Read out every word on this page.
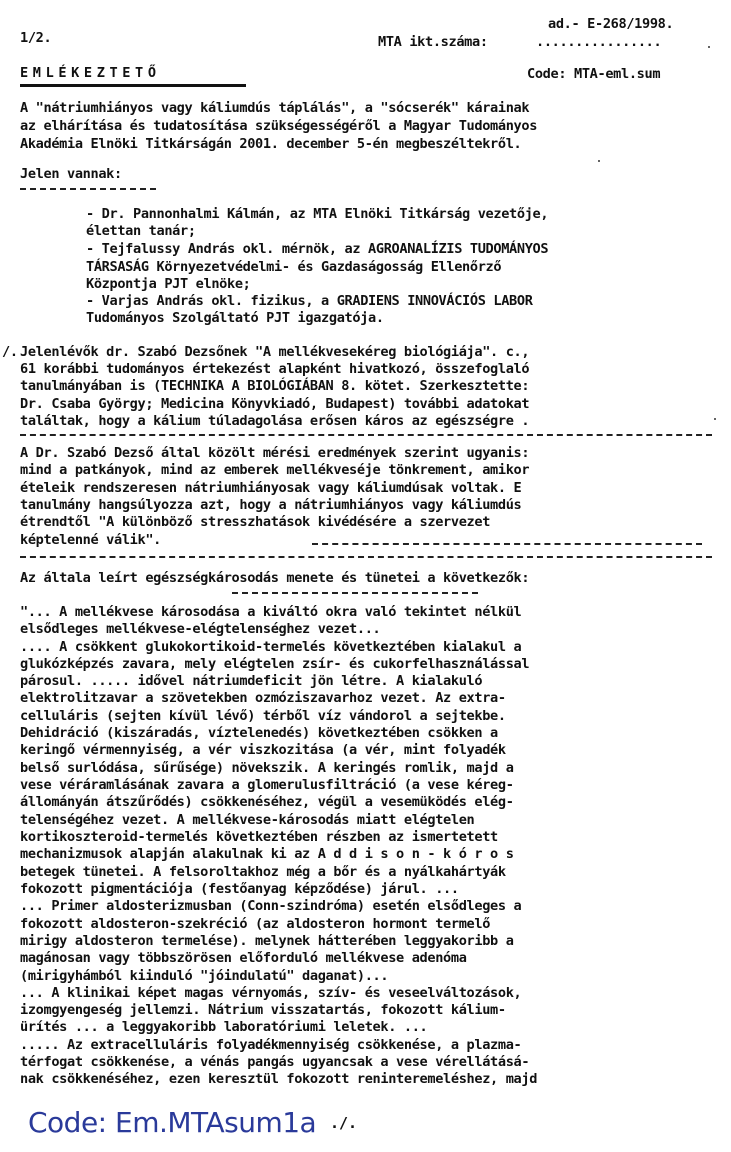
1/2.
ad.- E-268/1998.
MTA ikt.száma:	................
EMLÉKEZTETŐ	Code: MTA-eml.sum
A "nátriumhiányos vagy káliumdús táplálás", a "sócserék" kárainak
az elhárítása és tudatosítása szükségességéről a Magyar Tudományos
Akadémia Elnöki Titkárságán 2001. december 5-én megbeszéltekről.
Jelen vannak:
- Dr. Pannonhalmi Kálmán, az MTA Elnöki Titkárság vezetője,
élettan tanár;
- Tejfalussy András okl. mérnök, az AGROANALÍZIS TUDOMÁNYOS
TÁRSASÁG Környezetvédelmi- és Gazdaságosság Ellenőrző
Központja PJT elnöke;
- Varjas András okl. fizikus, a GRADIENS INNOVÁCIÓS LABOR
Tudományos Szolgáltató PJT igazgatója.
/. Jelenlévők dr. Szabó Dezsőnek "A mellékvesekéreg biológiája". c.,
61 korábbi tudományos értekezést alapként hivatkozó, összefoglaló
tanulmányában is (TECHNIKA A BIOLÓGIÁBAN 8. kötet. Szerkesztette:
Dr. Csaba György; Medicina Könyvkiadó, Budapest) további adatokat
találtak, hogy a kálium túladagolása erősen káros az egészségre .
A Dr. Szabó Dezső által közölt mérési eredmények szerint ugyanis:
mind a patkányok, mind az emberek mellékveséje tönkrement, amikor
ételeik rendszeresen nátriumhiányosak vagy káliumdúsak voltak. E
tanulmány hangsúlyozza azt, hogy a nátriumhiányos vagy káliumdús
étrendtől "A különböző stresszhatások kivédésére a szervezet
képtelenné válik".
Az általa leírt egészségkárosodás menete és tünetei a következők:
"... A mellékvese károsodása a kiváltó okra való tekintet nélkül
elsődleges mellékvese-elégtelenséghez vezet...
.... A csökkent glukokortikoid-termelés következtében kialakul a
glukózképzés zavara, mely elégtelen zsír- és cukorfelhasználással
párosul. ..... idővel nátriumdeficit jön létre. A kialakuló
elektrolitzavar a szövetekben ozmóziszavarhoz vezet. Az extra-
celluláris (sejten kívül lévő) térből víz vándorol a sejtekbe.
Dehidráció (kiszáradás, víztelenedés) következtében csökken a
keringő vérmennyiség, a vér viszkozitása (a vér, mint folyadék
belső surlódása, sűrűsége) növekszik. A keringés romlik, majd a
vese véráramlásának zavara a glomerulusfiltráció (a vese kéreg-
állományán átszűrődés) csökkenéséhez, végül a vesemüködés elég-
telenségéhez vezet. A mellékvese-károsodás miatt elégtelen
kortikoszteroid-termelés következtében részben az ismertetett
mechanizmusok alapján alakulnak ki az A d d i s o n - k ó r o s
betegek tünetei. A felsoroltakhoz még a bőr és a nyálkahártyák
fokozott pigmentációja (festőanyag képződése) járul. ...
... Primer aldosterizmusban (Conn-szindróma) esetén elsődleges a
fokozott aldosteron-szekréció (az aldosteron hormont termelő
mirigy aldosteron termelése). melynek hátterében leggyakoribb a
magánosan vagy többszörösen előforduló mellékvese adenóma
(mirigyhámból kiinduló "jóindulatú" daganat)...
... A klinikai képet magas vérnyomás, szív- és veseelváltozások,
izomgyengeség jellemzi. Nátrium visszatartás, fokozott kálium-
ürítés ... a leggyakoribb laboratóriumi leletek. ...
..... Az extracelluláris folyadékmennyiség csökkenése, a plazma-
térfogat csökkenése, a vénás pangás ugyancsak a vese vérellátásá-
nak csökkenéséhez, ezen keresztül fokozott reninteremeléshez, majd
Code: Em.MTAsum1a ./.
